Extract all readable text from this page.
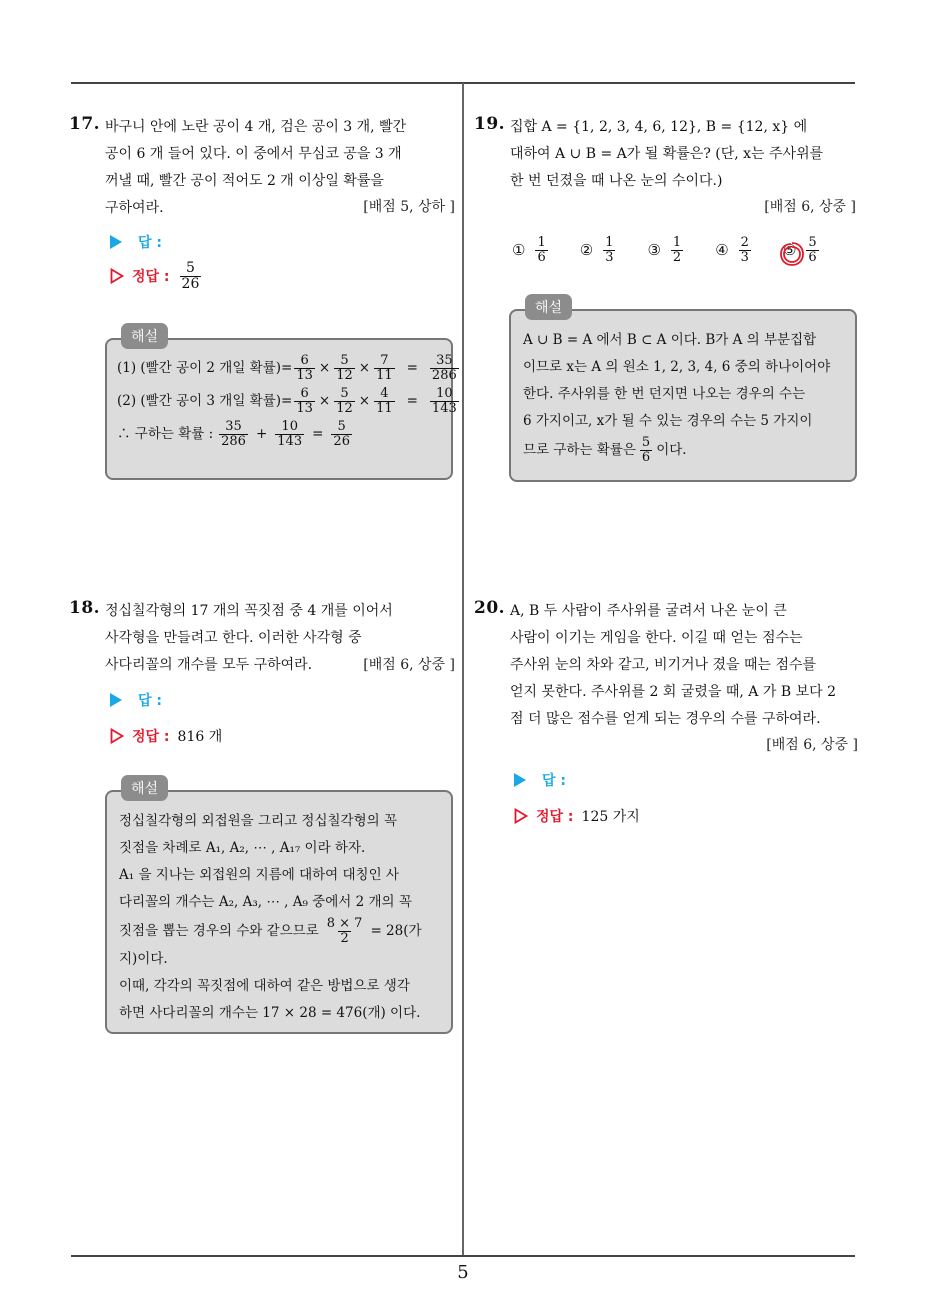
5
17. 바구니 안에 노란 공이 4 개, 검은 공이 3 개, 빨간
공이 6 개 들어 있다. 이 중에서 무심코 공을 3 개
꺼낼 때, 빨간 공이 적어도 2 개 이상일 확률을
구하여라.	[배점 5, 상하 ]
답 :
정답 : $\frac{5}{26}$
해설
(1) (빨간 공이 2 개일 확률)= $\frac{6}{13} \times \frac{5}{12} \times \frac{7}{11} = \frac{35}{286}$
(2) (빨간 공이 3 개일 확률)= $\frac{6}{13} \times \frac{5}{12} \times \frac{4}{11} = \frac{10}{143}$
∴ 구하는 확률 : $\frac{35}{286} + \frac{10}{143} = \frac{5}{26}$
18. 정십칠각형의 17 개의 꼭짓점 중 4 개를 이어서
사각형을 만들려고 한다. 이러한 사각형 중
사다리꼴의 개수를 모두 구하여라.	[배점 6, 상중 ]
답 :
정답 : 816 개
해설
정십칠각형의 외접원을 그리고 정십칠각형의 꼭
짓점을 차례로 A₁, A₂, ⋯ , A₁₇ 이라 하자.
A₁ 을 지나는 외접원의 지름에 대하여 대칭인 사
다리꼴의 개수는 A₂, A₃, ⋯ , A₉ 중에서 2 개의 꼭
짓점을 뽑는 경우의 수와 같으므로 $\frac{8 \times 7}{2} = 28$(가
지)이다.
이때, 각각의 꼭짓점에 대하여 같은 방법으로 생각
하면 사다리꼴의 개수는 17 × 28 = 476(개) 이다.
19. 집합 A = {1, 2, 3, 4, 6, 12}, B = {12, x} 에
대하여 A ∪ B = A가 될 확률은? (단, x는 주사위를
한 번 던졌을 때 나온 눈의 수이다.)
[배점 6, 상중 ]
① $\frac{1}{6}$ ② $\frac{1}{3}$ ③ $\frac{1}{2}$ ④ $\frac{2}{3}$ ⑤ $\frac{5}{6}$
해설
A ∪ B = A 에서 B ⊂ A 이다. B가 A 의 부분집합
이므로 x는 A 의 원소 1, 2, 3, 4, 6 중의 하나이어야
한다. 주사위를 한 번 던지면 나오는 경우의 수는
6 가지이고, x가 될 수 있는 경우의 수는 5 가지이
므로 구하는 확률은 $\frac{5}{6}$ 이다.
20. A, B 두 사람이 주사위를 굴려서 나온 눈이 큰
사람이 이기는 게임을 한다. 이길 때 얻는 점수는
주사위 눈의 차와 같고, 비기거나 졌을 때는 점수를
얻지 못한다. 주사위를 2 회 굴렸을 때, A 가 B 보다 2
점 더 많은 점수를 얻게 되는 경우의 수를 구하여라.
[배점 6, 상중 ]
답 :
정답 : 125 가지
